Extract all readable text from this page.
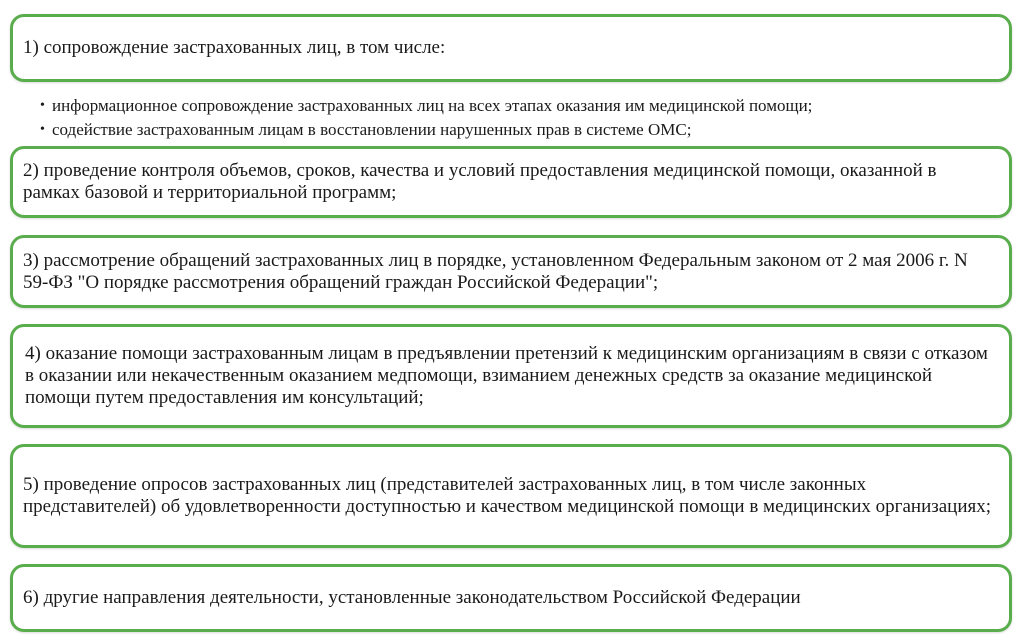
1) сопровождение застрахованных лиц, в том числе:
• информационное сопровождение застрахованных лиц на всех этапах оказания им медицинской помощи;
• содействие застрахованным лицам в восстановлении нарушенных прав в системе ОМС;
2) проведение контроля объемов, сроков, качества и условий предоставления медицинской помощи, оказанной в рамках базовой и территориальной программ;
3) рассмотрение обращений застрахованных лиц в порядке, установленном Федеральным законом от 2 мая 2006 г. N 59-ФЗ "О порядке рассмотрения обращений граждан Российской Федерации";
4) оказание помощи застрахованным лицам в предъявлении претензий к медицинским организациям в связи с отказом в оказании или некачественным оказанием медпомощи, взиманием денежных средств за оказание медицинской помощи путем предоставления им консультаций;
5) проведение опросов застрахованных лиц (представителей застрахованных лиц, в том числе законных представителей) об удовлетворенности доступностью и качеством медицинской помощи в медицинских организациях;
6) другие направления деятельности, установленные законодательством Российской Федерации
